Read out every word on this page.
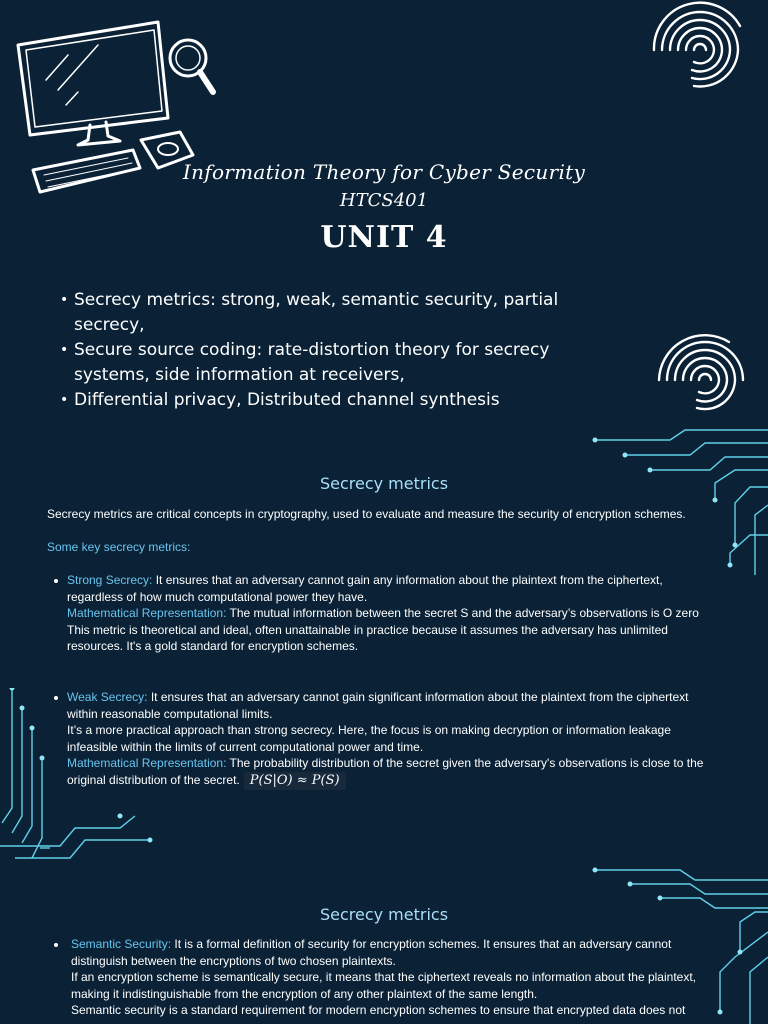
Information Theory for Cyber Security
HTCS401
UNIT 4
• Secrecy metrics: strong, weak, semantic security, partial secrecy,
• Secure source coding: rate-distortion theory for secrecy systems, side information at receivers,
• Differential privacy, Distributed channel synthesis
Secrecy metrics
Secrecy metrics are critical concepts in cryptography, used to evaluate and measure the security of encryption schemes.
Some key secrecy metrics:
Strong Secrecy: It ensures that an adversary cannot gain any information about the plaintext from the ciphertext, regardless of how much computational power they have.
Mathematical Representation: The mutual information between the secret S and the adversary’s observations is O zero
This metric is theoretical and ideal, often unattainable in practice because it assumes the adversary has unlimited resources. It's a gold standard for encryption schemes.
Weak Secrecy: It ensures that an adversary cannot gain significant information about the plaintext from the ciphertext within reasonable computational limits.
It’s a more practical approach than strong secrecy. Here, the focus is on making decryption or information leakage infeasible within the limits of current computational power and time.
Mathematical Representation: The probability distribution of the secret given the adversary's observations is close to the original distribution of the secret. P(S|O) ≈ P(S)
Secrecy metrics
Semantic Security: It is a formal definition of security for encryption schemes. It ensures that an adversary cannot distinguish between the encryptions of two chosen plaintexts.
If an encryption scheme is semantically secure, it means that the ciphertext reveals no information about the plaintext, making it indistinguishable from the encryption of any other plaintext of the same length.
Semantic security is a standard requirement for modern encryption schemes to ensure that encrypted data does not
